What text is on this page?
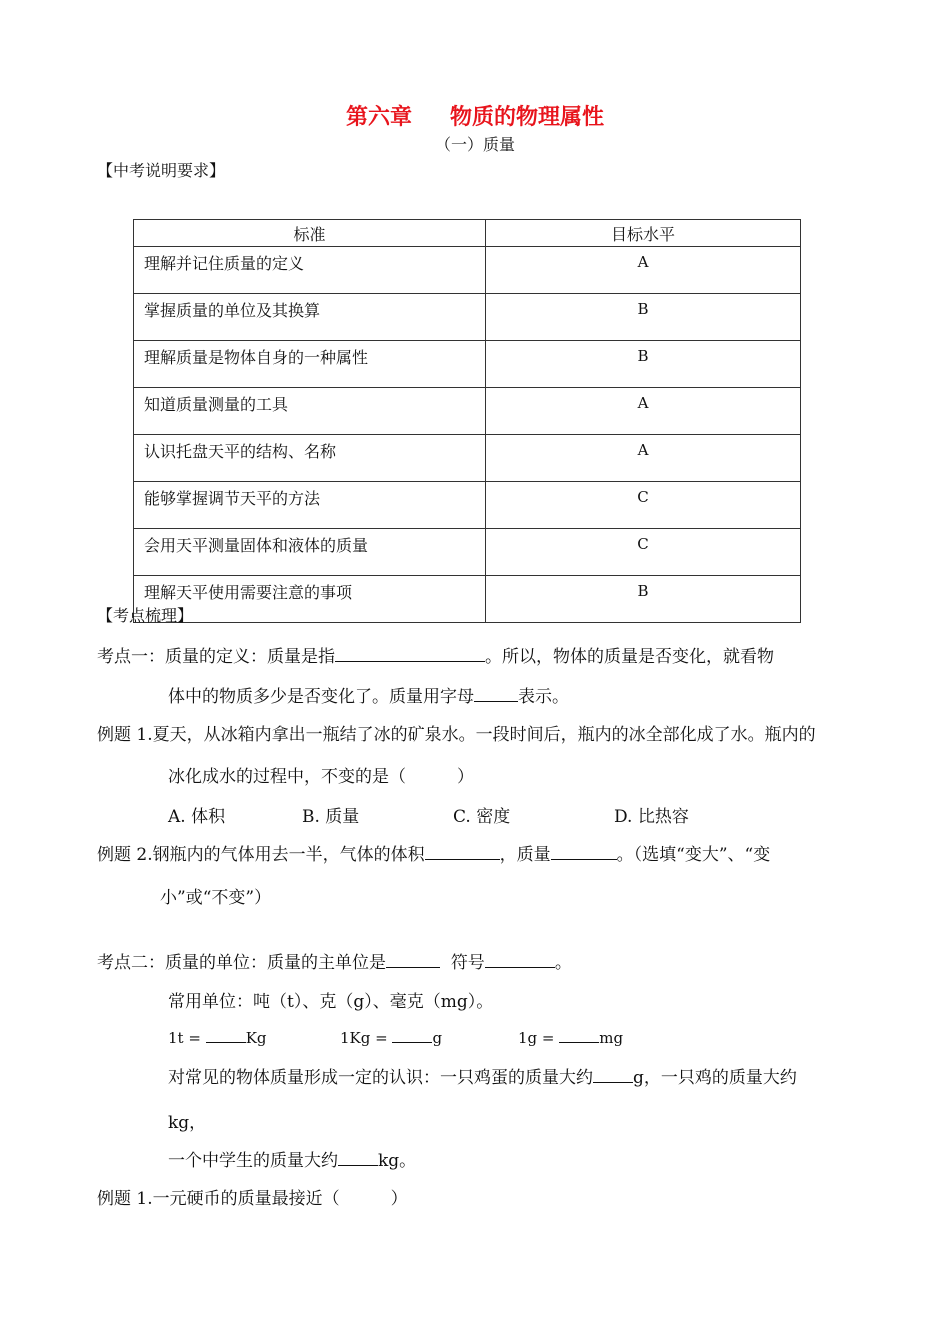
第六章 物质的物理属性
（一）质量
【中考说明要求】
标准	目标水平
理解并记住质量的定义	A
掌握质量的单位及其换算	B
理解质量是物体自身的一种属性	B
知道质量测量的工具	A
认识托盘天平的结构、名称	A
能够掌握调节天平的方法	C
会用天平测量固体和液体的质量	C
理解天平使用需要注意的事项	B
【考点梳理】
考点一：质量的定义：质量是指	。所以，物体的质量是否变化，就看物
体中的物质多少是否变化了。质量用字母	表示。
例题 1.夏天，从冰箱内拿出一瓶结了冰的矿泉水。一段时间后，瓶内的冰全部化成了水。瓶内的
冰化成水的过程中，不变的是（　　　）
A. 体积	B. 质量	C. 密度	D. 比热容
例题 2.钢瓶内的气体用去一半，气体的体积	，质量	。（选填“变大”、“变
小”或“不变”）
考点二：质量的单位：质量的主单位是	符号	。
常用单位：吨（t）、克（g）、毫克（mg）。
1t =	Kg	1Kg =	g	1g =	mg
对常见的物体质量形成一定的认识：一只鸡蛋的质量大约 g，一只鸡的质量大约
kg，
一个中学生的质量大约 kg。
例题 1.一元硬币的质量最接近（　　　）
